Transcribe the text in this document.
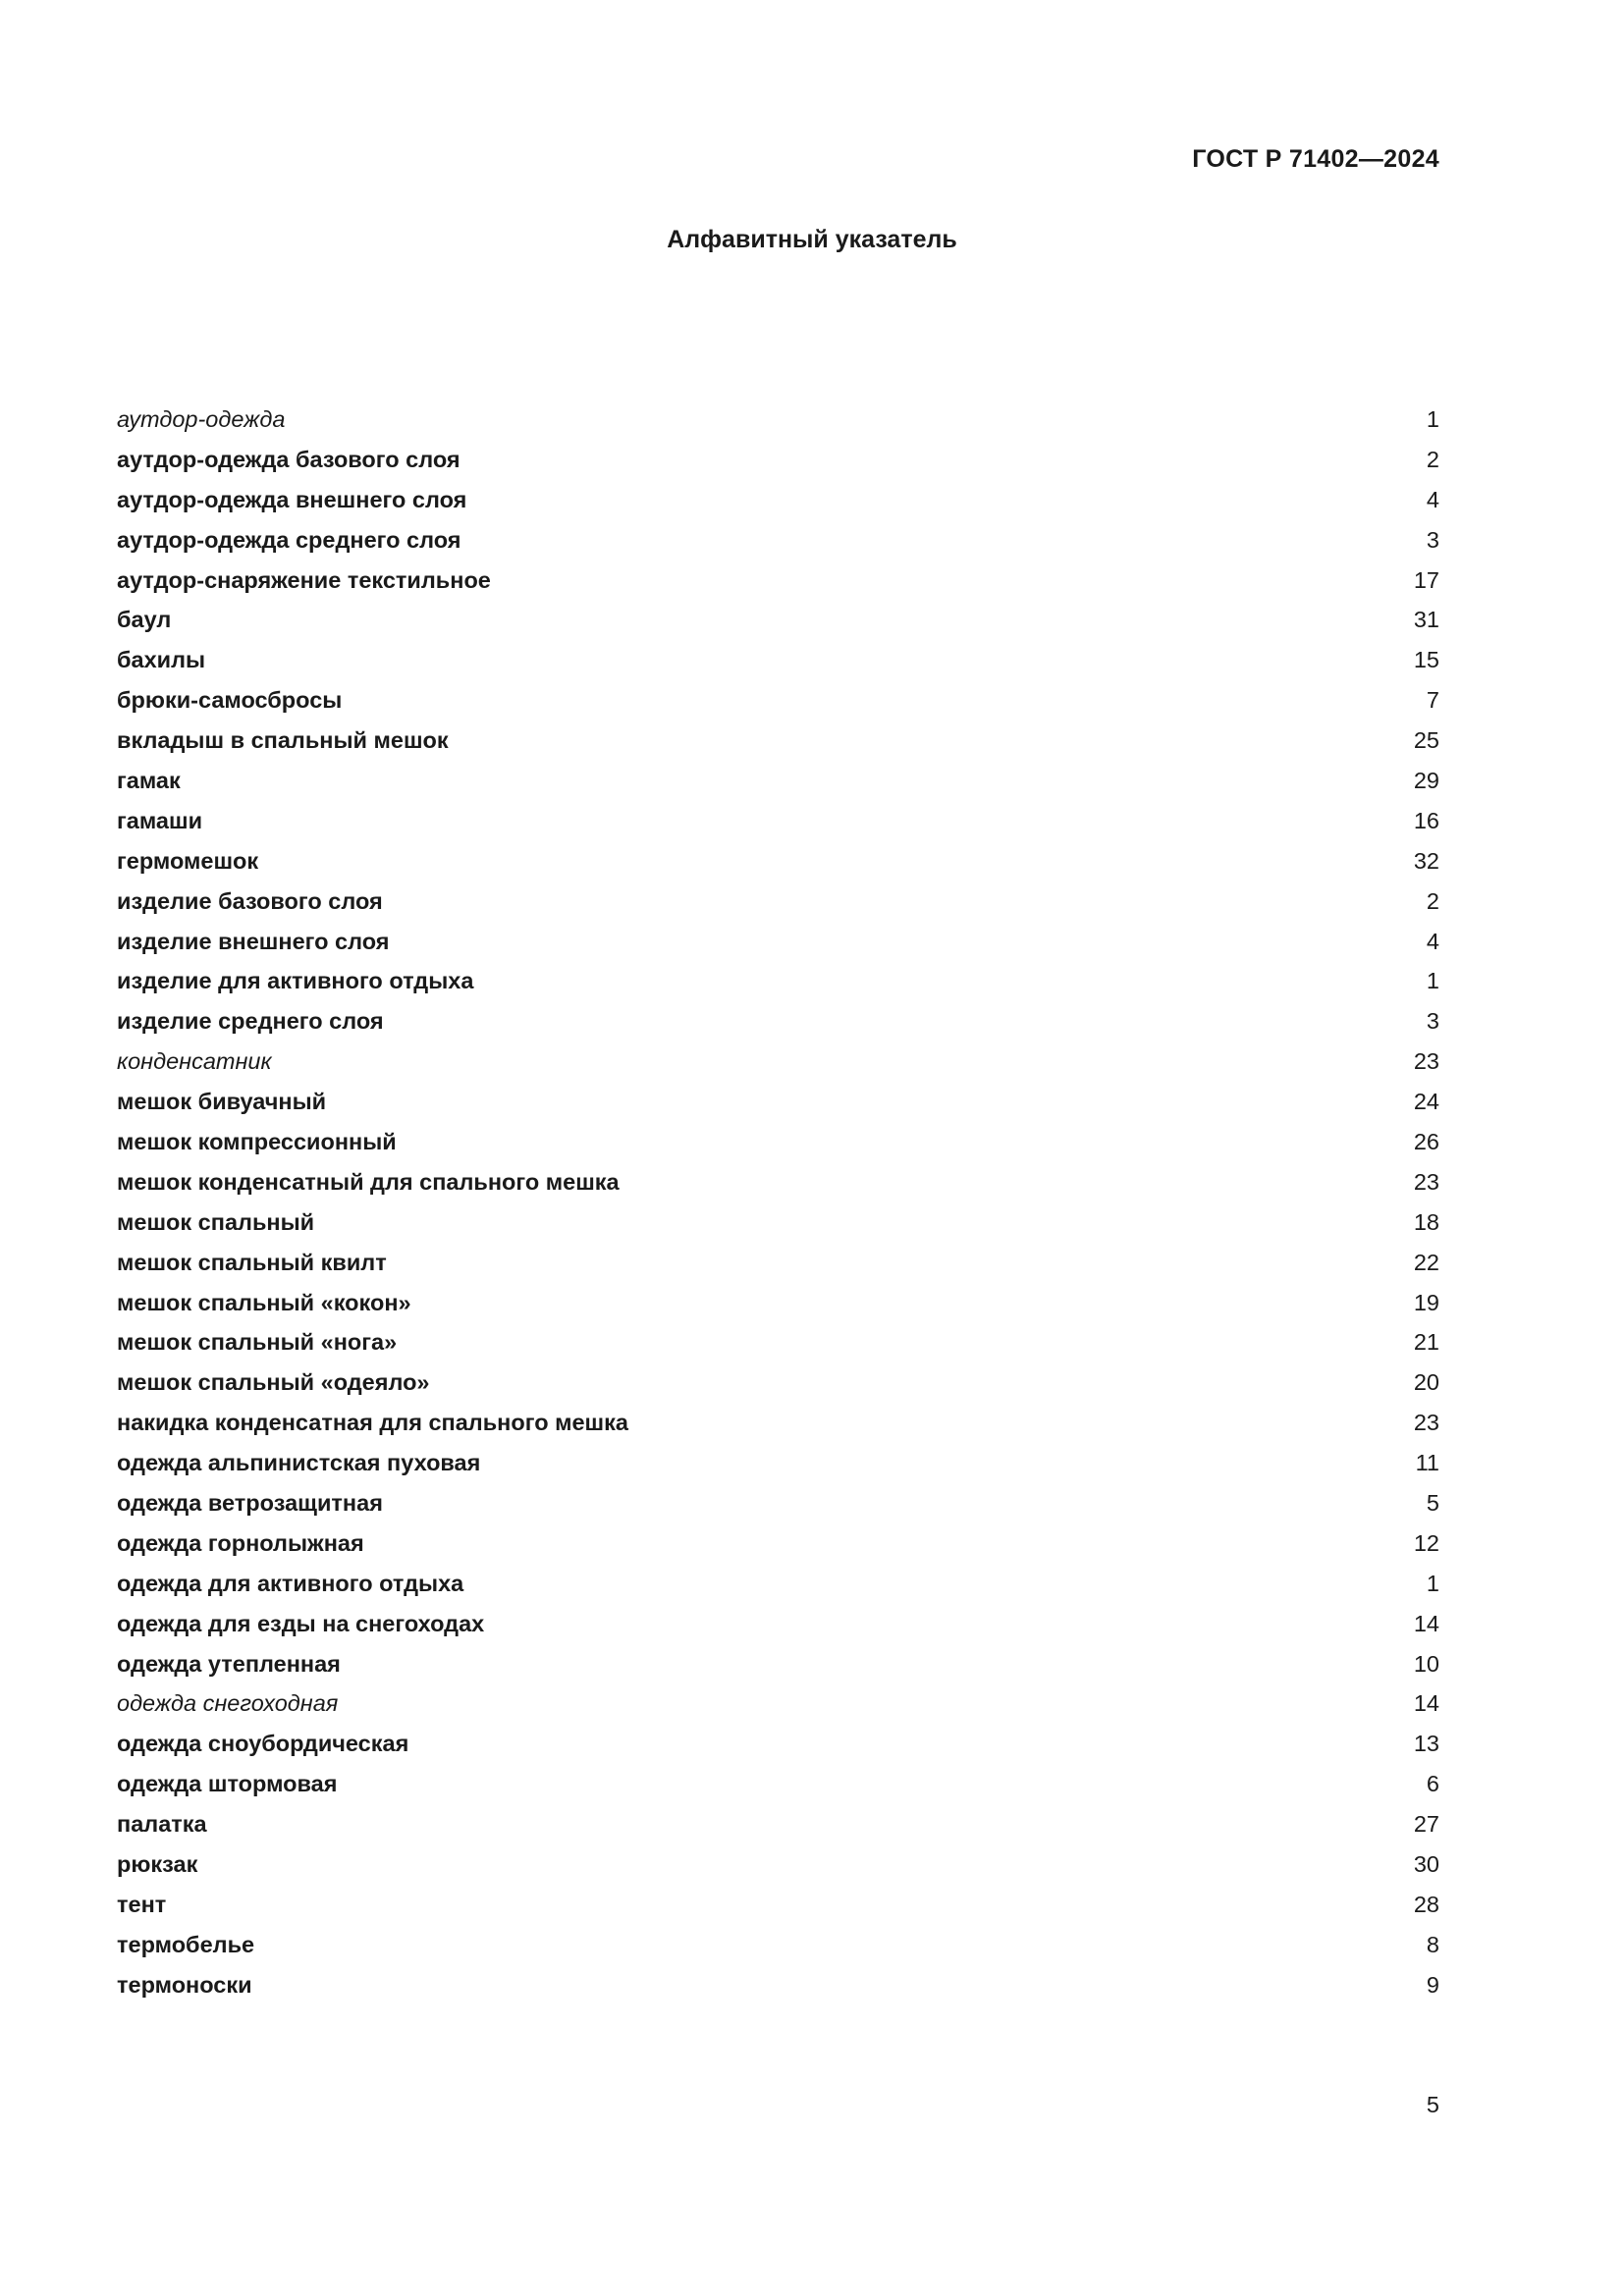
ГОСТ Р 71402—2024
Алфавитный указатель
аутдор-одежда	1
аутдор-одежда базового слоя	2
аутдор-одежда внешнего слоя	4
аутдор-одежда среднего слоя	3
аутдор-снаряжение текстильное	17
баул	31
бахилы	15
брюки-самосбросы	7
вкладыш в спальный мешок	25
гамак	29
гамаши	16
гермомешок	32
изделие базового слоя	2
изделие внешнего слоя	4
изделие для активного отдыха	1
изделие среднего слоя	3
конденсатник	23
мешок бивуачный	24
мешок компрессионный	26
мешок конденсатный для спального мешка	23
мешок спальный	18
мешок спальный квилт	22
мешок спальный «кокон»	19
мешок спальный «нога»	21
мешок спальный «одеяло»	20
накидка конденсатная для спального мешка	23
одежда альпинистская пуховая	11
одежда ветрозащитная	5
одежда горнолыжная	12
одежда для активного отдыха	1
одежда для езды на снегоходах	14
одежда утепленная	10
одежда снегоходная	14
одежда сноубордическая	13
одежда штормовая	6
палатка	27
рюкзак	30
тент	28
термобелье	8
термоноски	9
5
